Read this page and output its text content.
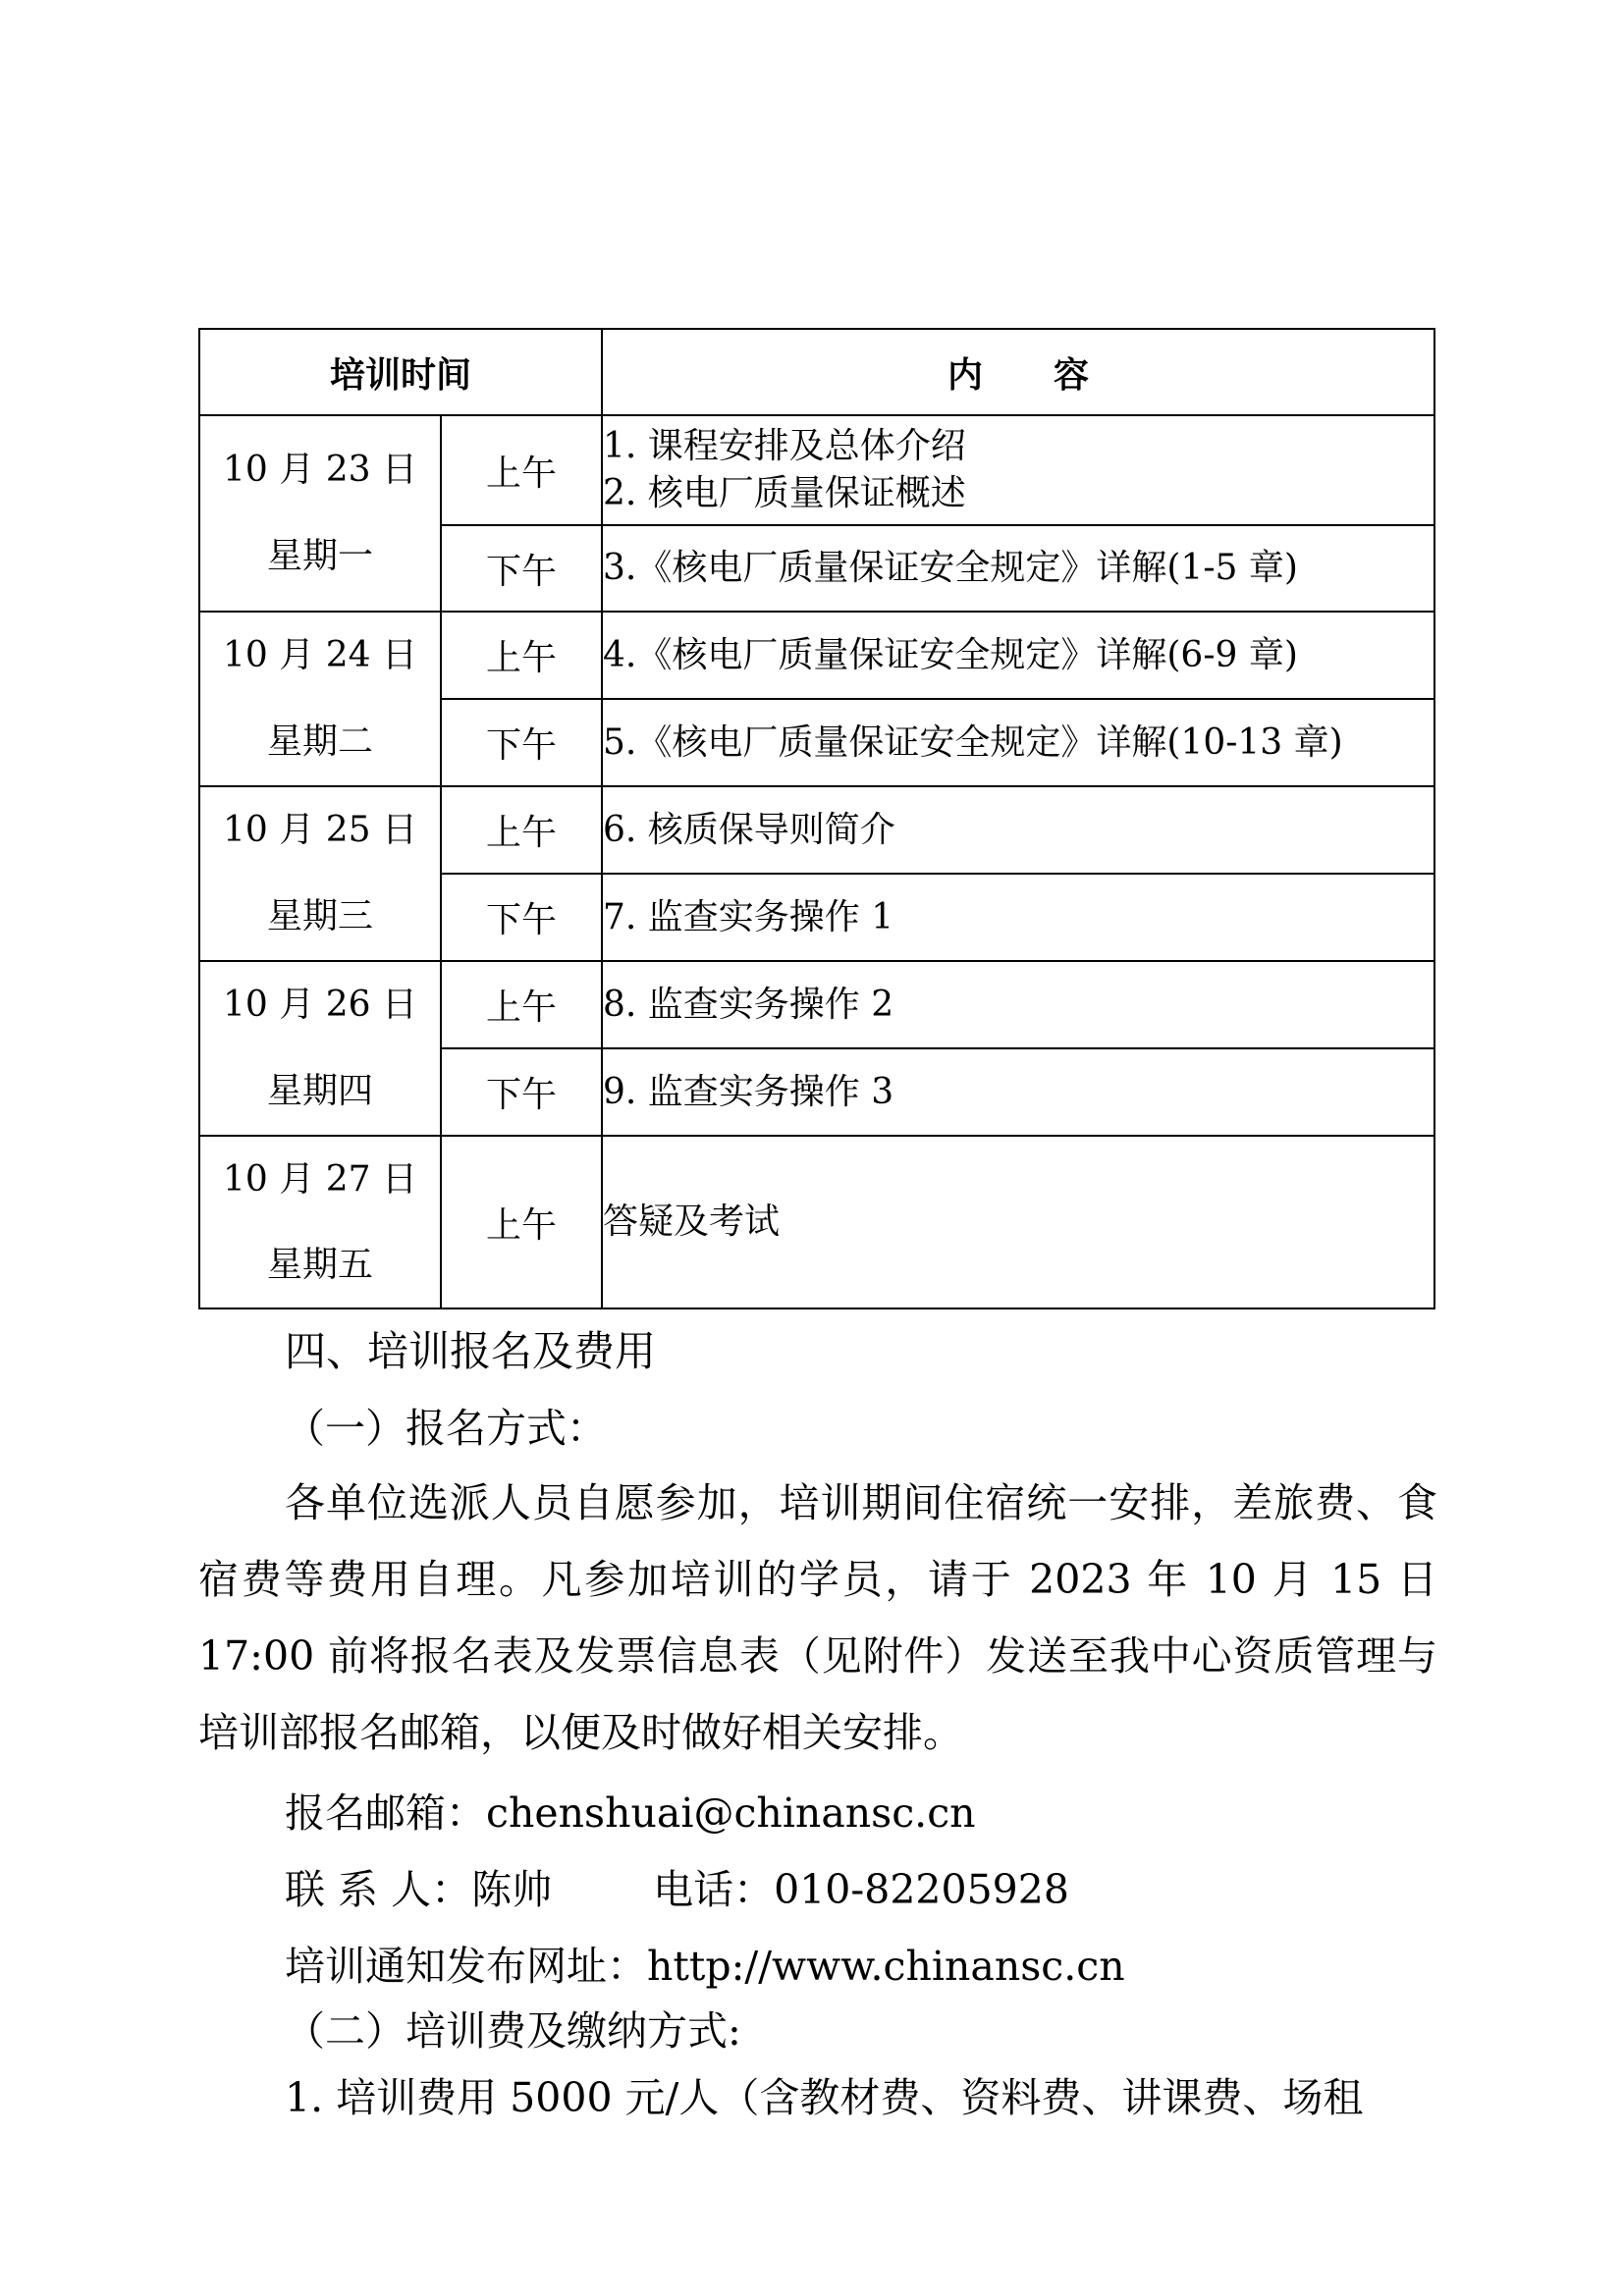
培训时间		内　　容

10 月 23 日
星期一	上午	1. 课程安排及总体介绍
2. 核电厂质量保证概述

	下午	3.《核电厂质量保证安全规定》详解(1-5 章)

10 月 24 日
星期二	上午	4.《核电厂质量保证安全规定》详解(6-9 章)

	下午	5.《核电厂质量保证安全规定》详解(10-13 章)

10 月 25 日
星期三	上午	6. 核质保导则简介

	下午	7. 监查实务操作 1

10 月 26 日
星期四	上午	8. 监查实务操作 2

	下午	9. 监查实务操作 3

10 月 27 日
星期五	上午	答疑及考试
四、培训报名及费用
（一）报名方式：
各单位选派人员自愿参加，培训期间住宿统一安排，差旅费、食宿费等费用自理。凡参加培训的学员，请于 2023 年 10 月 15 日 17:00 前将报名表及发票信息表（见附件）发送至我中心资质管理与培训部报名邮箱，以便及时做好相关安排。
报名邮箱：chenshuai@chinansc.cn
联 系 人：陈帅	电话：010-82205928
培训通知发布网址：http://www.chinansc.cn
（二）培训费及缴纳方式:
1. 培训费用 5000 元/人（含教材费、资料费、讲课费、场租
